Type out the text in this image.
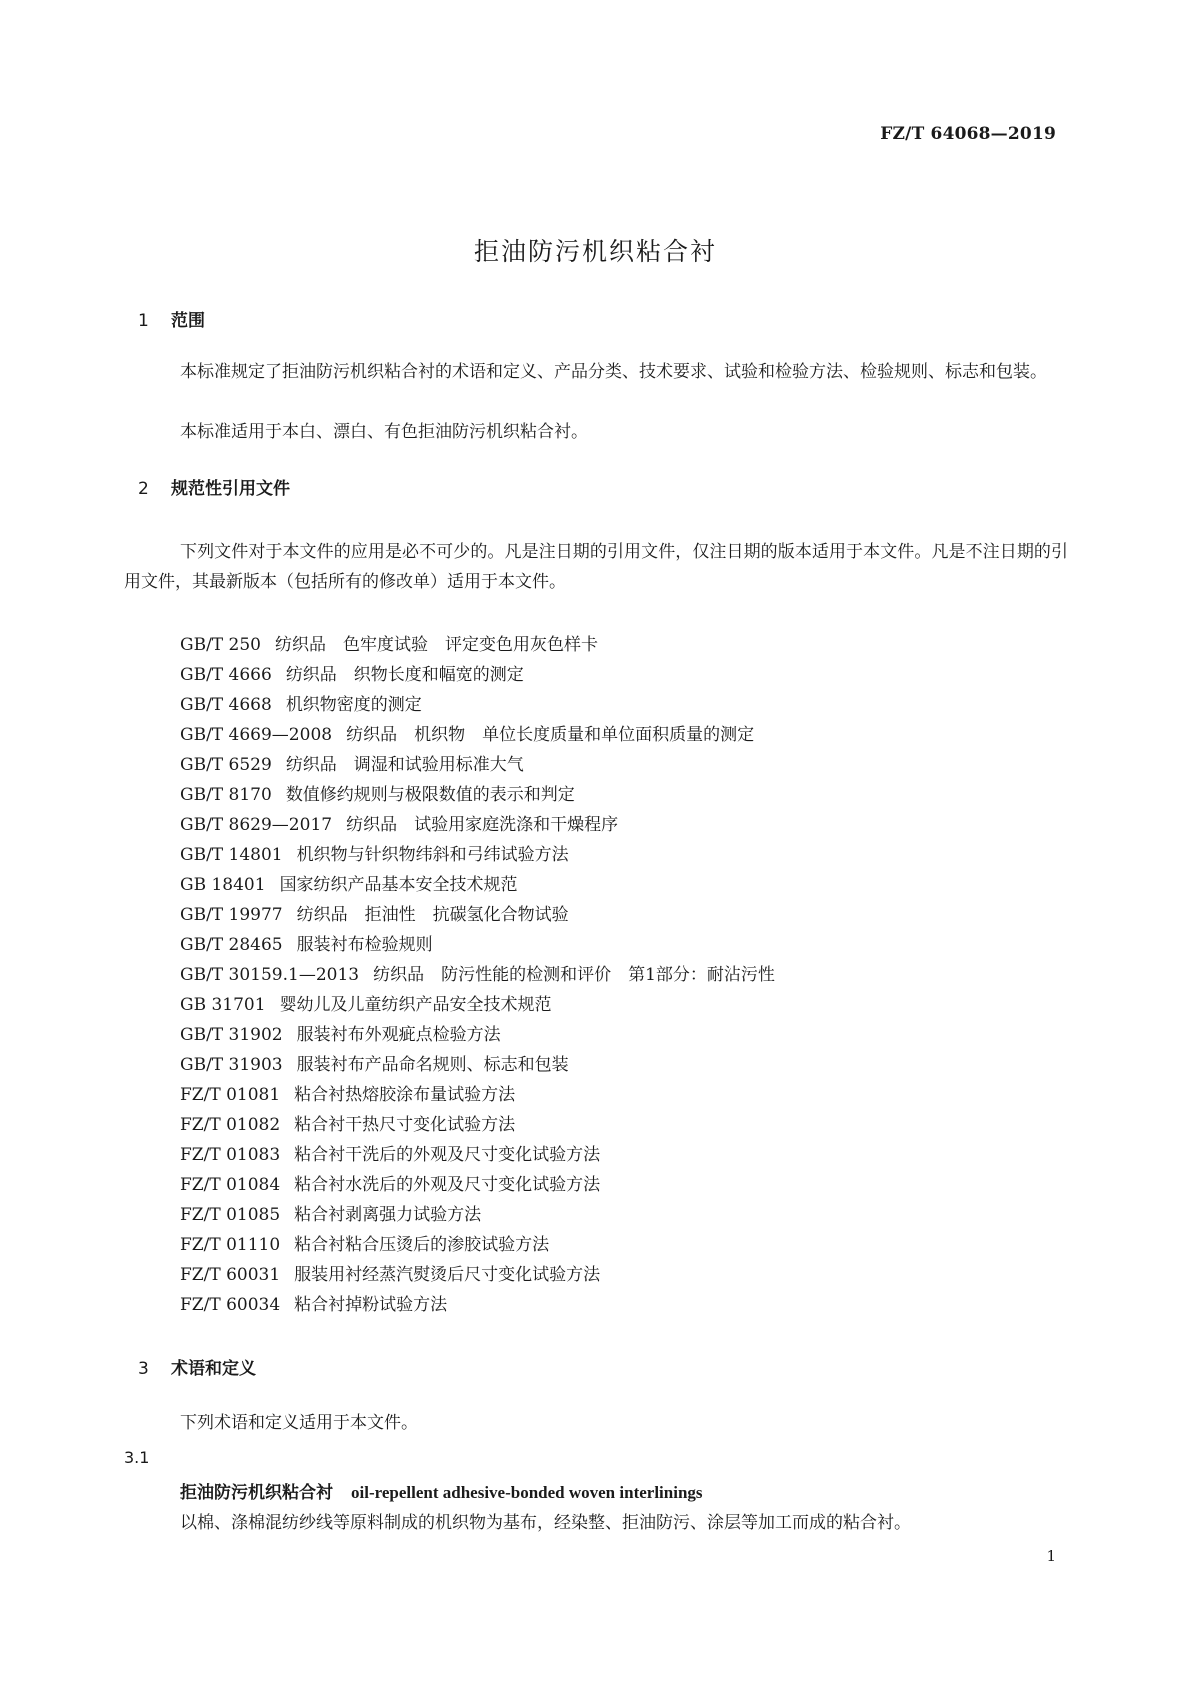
FZ/T 64068—2019

拒油防污机织粘合衬
1 范围

本标准规定了拒油防污机织粘合衬的术语和定义、产品分类、技术要求、试验和检验方法、检验规则、标志和包装。

本标准适用于本白、漂白、有色拒油防污机织粘合衬。

2 规范性引用文件

下列文件对于本文件的应用是必不可少的。凡是注日期的引用文件，仅注日期的版本适用于本文件。凡是不注日期的引用文件，其最新版本（包括所有的修改单）适用于本文件。

GB/T 250 纺织品　色牢度试验　评定变色用灰色样卡
GB/T 4666 纺织品　织物长度和幅宽的测定
GB/T 4668 机织物密度的测定
GB/T 4669—2008 纺织品　机织物　单位长度质量和单位面积质量的测定
GB/T 6529 纺织品　调湿和试验用标准大气
GB/T 8170 数值修约规则与极限数值的表示和判定
GB/T 8629—2017 纺织品　试验用家庭洗涤和干燥程序
GB/T 14801 机织物与针织物纬斜和弓纬试验方法
GB 18401 国家纺织产品基本安全技术规范
GB/T 19977 纺织品　拒油性　抗碳氢化合物试验
GB/T 28465 服装衬布检验规则
GB/T 30159.1—2013 纺织品　防污性能的检测和评价　第1部分：耐沾污性
GB 31701 婴幼儿及儿童纺织产品安全技术规范
GB/T 31902 服装衬布外观疵点检验方法
GB/T 31903 服装衬布产品命名规则、标志和包装
FZ/T 01081 粘合衬热熔胶涂布量试验方法
FZ/T 01082 粘合衬干热尺寸变化试验方法
FZ/T 01083 粘合衬干洗后的外观及尺寸变化试验方法
FZ/T 01084 粘合衬水洗后的外观及尺寸变化试验方法
FZ/T 01085 粘合衬剥离强力试验方法
FZ/T 01110 粘合衬粘合压烫后的渗胶试验方法
FZ/T 60031 服装用衬经蒸汽熨烫后尺寸变化试验方法
FZ/T 60034 粘合衬掉粉试验方法
3 术语和定义

下列术语和定义适用于本文件。

3.1

拒油防污机织粘合衬 oil-repellent adhesive-bonded woven interlinings

以棉、涤棉混纺纱线等原料制成的机织物为基布，经染整、拒油防污、涂层等加工而成的粘合衬。

1
